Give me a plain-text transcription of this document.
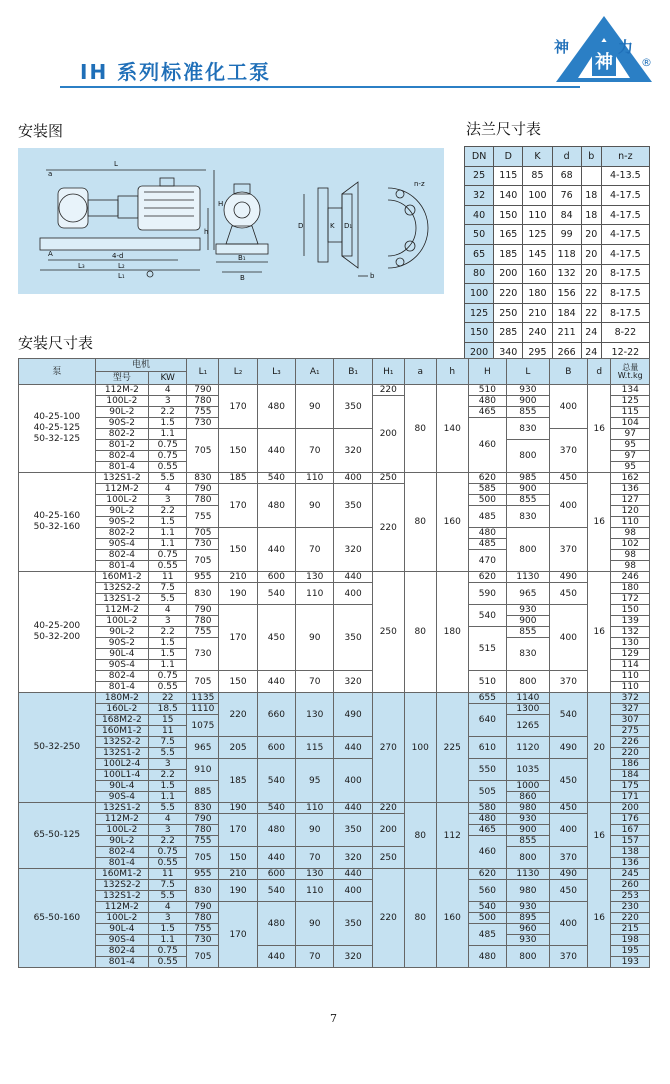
IH 系列标准化工泵	神
神	力
®
安装图	法兰尺寸表
安装尺寸表
L
H
A
h
a
4-d
L₂
L₁
L₃
B₁
B
D	K D₁
b
n-z
DN	D	K	d	b	n-z
25	115	85	68		4-13.5
32	140	100	76	18	4-17.5
40	150	110	84	18	4-17.5
50	165	125	99	20	4-17.5
65	185	145	118	20	4-17.5
80	200	160	132	20	8-17.5
100	220	180	156	22	8-17.5
125	250	210	184	22	8-17.5
150	285	240	211	24	8-22
200	340	295	266	24	12-22
泵	电机		L₁	L₂	L₃	A₁	B₁	H₁	a	h	H	L	B	d	总量
W.t.kg

	型号	KW													
40-25-100
40-25-125
50-32-125	112M-2	4	790	170	480	90	350	220	80	140	510	930	400	16	134
	100L-2	3	780					200			480	900			125
	90L-2	2.2	755								465	855			115
	90S-2	1.5	730								460	830			104
	802-2	1.1	705	150	440	70	320						370		97
	801-2	0.75										800			95
	802-4	0.75													97
	801-4	0.55													95
40-25-160
50-32-160	132S1-2	5.5	830	185	540	110	400	250	80	160	620	985	450	16	162
	112M-2	4	790	170	480	90	350	220			585	900	400		136
	100L-2	3	780								500	855			127
	90L-2	2.2	755								485	830			120
	90S-2	1.5													110
	802-2	1.1	705	150	440	70	320				480	800	370		98
	90S-4	1.1	730								485				102
	802-4	0.75	705								470				98
	801-4	0.55													98
40-25-200
50-32-200	160M1-2	11	955	210	600	130	440	250	80	180	620	1130	490	16	246
	132S2-2	7.5	830	190	540	110	400				590	965	450		180
	132S1-2	5.5													172
	112M-2	4	790	170	450	90	350				540	930	400		150
	100L-2	3	780									900			139
	90L-2	2.2	755								515	855			132
	90S-2	1.5	730									830			130
	90L-4	1.5													129
	90S-4	1.1													114
	802-4	0.75	705	150	440	70	320				510	800	370		110
	801-4	0.55													110
50-32-250	180M-2	22	1135	220	660	130	490	270	100	225	655	1140	540	20	372
	160L-2	18.5	1110								640	1300			327
	168M2-2	15	1075									1265			307
	160M1-2	11													275
	132S2-2	7.5	965	205	600	115	440				610	1120	490		226
	132S1-2	5.5													220
	100L2-4	3	910	185	540	95	400				550	1035	450		186
	100L1-4	2.2													184
	90L-4	1.5	885								505	1000			175
	90S-4	1.1										860			171
65-50-125	132S1-2	5.5	830	190	540	110	440	220	80	112	580	980	450	16	200
	112M-2	4	790	170	480	90	350	200			480	930	400		176
	100L-2	3	780								465	900			167
	90L-2	2.2	755								460	855			157
	802-4	0.75	705	150	440	70	320	250				800	370		138
	801-4	0.55													136
65-50-160	160M1-2	11	955	210	600	130	440	220	80	160	620	1130	490	16	245
	132S2-2	7.5	830	190	540	110	400				560	980	450		260
	132S1-2	5.5													253
	112M-2	4	790	170	480	90	350				540	930	400		230
	100L-2	3	780								500	895			220
	90L-4	1.5	755								485	960			215
	90S-4	1.1	730									930			198
	802-4	0.75	705		440	70	320				480	800	370		195
	801-4	0.55													193
7
